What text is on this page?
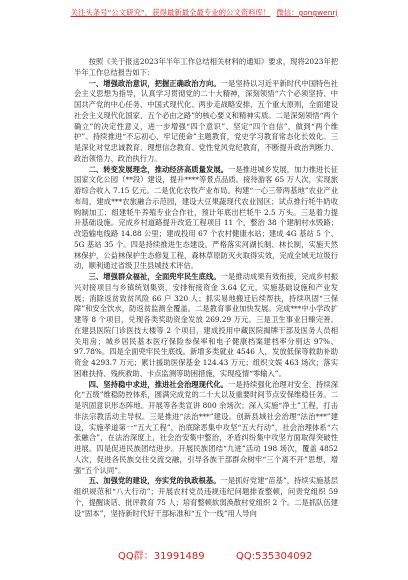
关注头条号“公文研究”，获得最新最全最专业的公文资料库！ 微信：gongwenrj

按照《关于报送2023年半年工作总结相关材料的通知》要求，现将2023年把半年工作总结报告如下：

一、增强政治意识，把握正确政治方向。一是坚持以习近平新时代中国特色社会主义思想为指导，认真学习贯彻党的二十大精神，深刻领悟“六个必须坚持、中国共产党的中心任务、中国式现代化、两步走战略安排、五个重大原则，全面建设社会主义现代化国家、五个必由之路”的核心要义和精神实质。二是深刻领悟“两个确立”的决定性意义，进一步增强“四个意识”、坚定“四个自信”，做到“两个维护”。持续推进“不忘初心、牢记使命”主题教育，党史学习教育常态化长效化。三是深化对党忠诚教育、理想信念教育、党性党风党纪教育，不断提升政治判断力、政治领悟力、政治执行力。

二、转变发展理念，推动经济高质量发展。一是推进城乡发展，加力推进长征国家文化公园（**段）建设，提升****等景点品质。接待游客 65 万人次，实现旅游综合收入 7.15 亿元。二是优化农牧产业布局。构建“一心三带两基地”农业产业布局，建成***农旅融合示范园，建设大豆果蔬现代农业园区；试点推行牦牛奶收购制加工；组建牦牛养殖专业合作社，预计年底出栏牦牛 2.5 万头。三是着力提升基础设施。完成乡村道路提升改造工程项目 11 个，整治 38 个建制村水毁路；改造输电线路 14.88 公里；建成投用 67 个农村健康水站；建成 4G 基站 5 个、5G 基站 35 个。四是持续推进生态建设。严格落实河湖长制、林长制，实施天然林保护，公益林保护生态修复工程，森林草原防灭火取得实效，完成全域无垃圾行动，顺利通过省级卫生县城技术评估。

三、增强群众福祉，全面兜牢民生底线。一是推动成果有效衔接，完成乡村振兴对接项目与乡镇统划集资，安排衔接资金 3.64 亿元，实施基础设施和产业发展；消除返贫致贫风险 66 户 320 人；抓实易地搬迁后续帮扶，持续巩固“三保障”和安全饮水，防返贫监测全覆盖。二是教育事业加快发展。完成***中小学改扩建等 8 个项目，兑现各类奖助资金发放 269.29 万元。三是卫生事业日臻完善。在建县医院门诊医技大楼等 2 个项目，建成投用中藏医院揭牌干部及医务人员相关用房；城乡居民基本医疗保险参保率和电子健康档案建档率分别达 97%、97.78%。四是全面兜牢民生底线。新增多类就业 4546 人，发放低保等救助补助资金 4293.7 万元；累计援助医保基金 124.43 万元；组织文娱 463 场次；落实困难扶持、残疾救助、卡点监测等助困措施，实现疫情“零输入”。

四、坚持稳中求进，推进社会治理现代化。一是持续强化治理对安全，持续深化“五级”维稳防控体系，圆满完成党的二十大以及重要时间节点安保维稳任务。二是巩固意识形态阵地。开展等各类宣讲 800 余场次；深入实施“净土”工程，打击非法宗教活动主导权。三是推进“法治***”建设。创新县域社会治理“法治***”建设，实施孝道第一“五大工程”，治底除恶集中攻坚“五大行动”，社会治理体系“六张融合”，在法治深度上，社会治安集中整治，矛盾纠纷集中攻坚方面取得突破性进展。四是促进民族团结进步。开展民族团结“九进”活动 198 场次，覆盖 4852 人次，促进各民族交往交流交融，引导各族干部群众树牢“三个离不开”思想，增强“五个认同”。

五、加强党的建设，夯实党的执政根基。一是抓好党建“苗基”，持续实施基层组织规范和“八大行动”；开展农村党员违规违纪问题排查整顿，问责党组织 59 个，提醒谈话、批评教育 75 人；培育整顿软弱涣散村党组织 2 个。二是抓队伍建设“固本”，坚持新时代好干部标准和“五个一线”用人导向

QQ群：31991489	QQ:535304092
